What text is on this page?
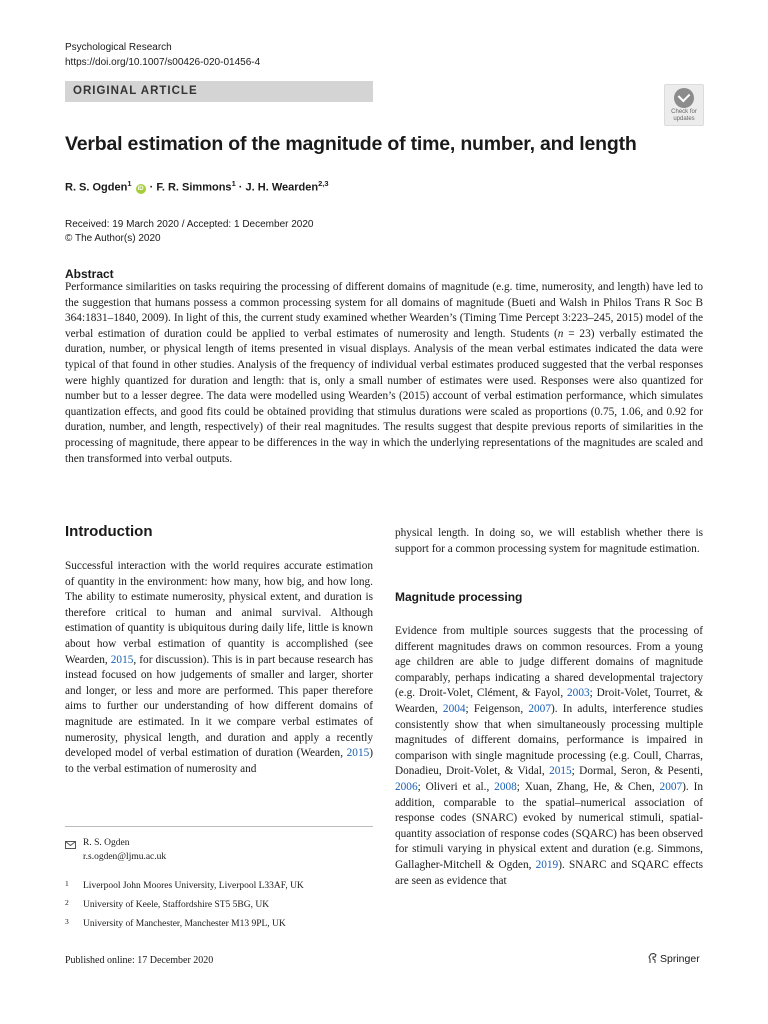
Psychological Research
https://doi.org/10.1007/s00426-020-01456-4
ORIGINAL ARTICLE
Check for
updates
Verbal estimation of the magnitude of time, number, and length
R. S. Ogden$^1$ iD · F. R. Simmons$^1$ · J. H. Wearden$^{2,3}$
Received: 19 March 2020 / Accepted: 1 December 2020
© The Author(s) 2020
Abstract
Performance similarities on tasks requiring the processing of different domains of magnitude (e.g. time, numerosity, and length) have led to the suggestion that humans possess a common processing system for all domains of magnitude (Bueti and Walsh in Philos Trans R Soc B 364:1831–1840, 2009). In light of this, the current study examined whether Wearden’s (Timing Time Percept 3:223–245, 2015) model of the verbal estimation of duration could be applied to verbal estimates of numerosity and length. Students (n = 23) verbally estimated the duration, number, or physical length of items presented in visual displays. Analysis of the mean verbal estimates indicated the data were typical of that found in other studies. Analysis of the frequency of individual verbal estimates produced suggested that the verbal responses were highly quantized for duration and length: that is, only a small number of estimates were used. Responses were also quantized for number but to a lesser degree. The data were modelled using Wearden’s (2015) account of verbal estimation performance, which simulates quantization effects, and good fits could be obtained providing that stimulus durations were scaled as proportions (0.75, 1.06, and 0.92 for duration, number, and length, respectively) of their real magnitudes. The results suggest that despite previous reports of similarities in the processing of magnitude, there appear to be differences in the way in which the underlying representations of the magnitudes are scaled and then transformed into verbal outputs.
Introduction
Successful interaction with the world requires accurate estimation of quantity in the environment: how many, how big, and how long. The ability to estimate numerosity, physical extent, and duration is therefore critical to human and animal survival. Although estimation of quantity is ubiquitous during daily life, little is known about how verbal estimation of quantity is accomplished (see Wearden, 2015, for discussion). This is in part because research has instead focused on how judgements of smaller and larger, shorter and longer, or less and more are performed. This paper therefore aims to further our understanding of how different domains of magnitude are estimated. In it we compare verbal estimates of numerosity, physical length, and duration and apply a recently developed model of verbal estimation of duration (Wearden, 2015) to the verbal estimation of numerosity and
physical length. In doing so, we will establish whether there is support for a common processing system for magnitude estimation.
Magnitude processing
Evidence from multiple sources suggests that the processing of different magnitudes draws on common resources. From a young age children are able to judge different domains of magnitude comparably, perhaps indicating a shared developmental trajectory (e.g. Droit-Volet, Clément, & Fayol, 2003; Droit-Volet, Tourret, & Wearden, 2004; Feigenson, 2007). In adults, interference studies consistently show that when simultaneously processing multiple magnitudes of different domains, performance is impaired in comparison with single magnitude processing (e.g. Coull, Charras, Donadieu, Droit-Volet, & Vidal, 2015; Dormal, Seron, & Pesenti, 2006; Oliveri et al., 2008; Xuan, Zhang, He, & Chen, 2007). In addition, comparable to the spatial–numerical association of response codes (SNARC) evoked by numerical stimuli, spatial-quantity association of response codes (SQARC) has been observed for stimuli varying in physical extent and duration (e.g. Simmons, Gallagher-Mitchell & Ogden, 2019). SNARC and SQARC effects are seen as evidence that
R. S. Ogden
r.s.ogden@ljmu.ac.uk
1 Liverpool John Moores University, Liverpool L33AF, UK
2 University of Keele, Staffordshire ST5 5BG, UK
3 University of Manchester, Manchester M13 9PL, UK
Published online: 17 December 2020	Springer
